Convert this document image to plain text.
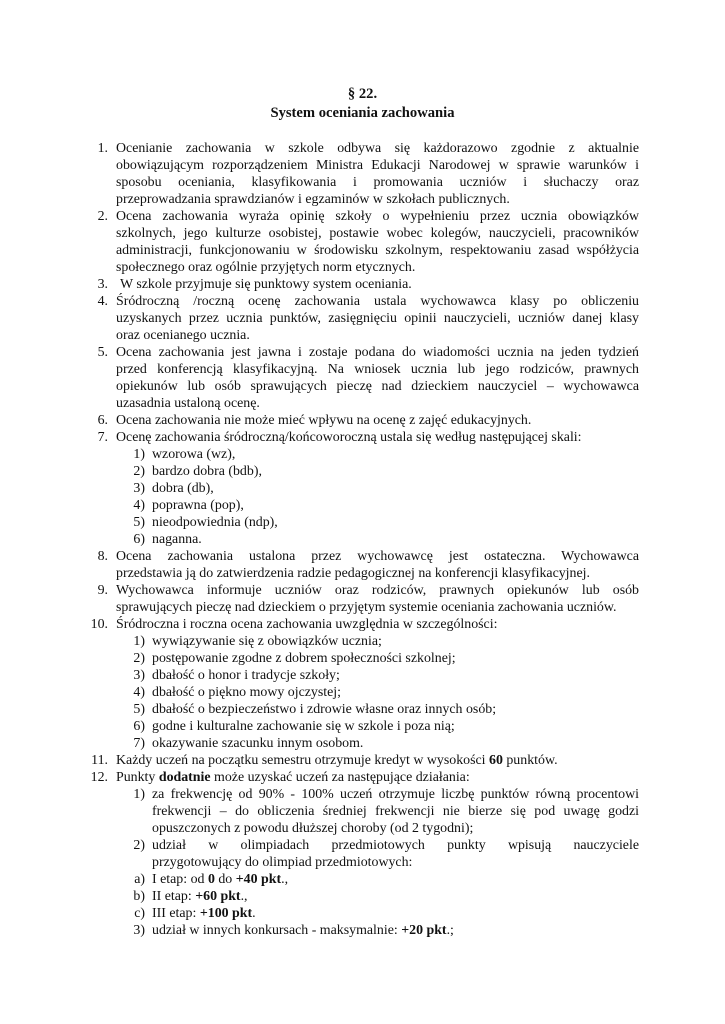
§ 22.
System oceniania zachowania
1. Ocenianie zachowania w szkole odbywa się każdorazowo zgodnie z aktualnie
obowiązującym rozporządzeniem Ministra Edukacji Narodowej w sprawie warunków i
sposobu oceniania, klasyfikowania i promowania uczniów i słuchaczy oraz
przeprowadzania sprawdzianów i egzaminów w szkołach publicznych.
2. Ocena zachowania wyraża opinię szkoły o wypełnieniu przez ucznia obowiązków
szkolnych, jego kulturze osobistej, postawie wobec kolegów, nauczycieli, pracowników
administracji, funkcjonowaniu w środowisku szkolnym, respektowaniu zasad współżycia
społecznego oraz ogólnie przyjętych norm etycznych.
3. W szkole przyjmuje się punktowy system oceniania.
4. Śródroczną /roczną ocenę zachowania ustala wychowawca klasy po obliczeniu
uzyskanych przez ucznia punktów, zasięgnięciu opinii nauczycieli, uczniów danej klasy
oraz ocenianego ucznia.
5. Ocena zachowania jest jawna i zostaje podana do wiadomości ucznia na jeden tydzień
przed konferencją klasyfikacyjną. Na wniosek ucznia lub jego rodziców, prawnych
opiekunów lub osób sprawujących pieczę nad dzieckiem nauczyciel – wychowawca
uzasadnia ustaloną ocenę.
6. Ocena zachowania nie może mieć wpływu na ocenę z zajęć edukacyjnych.
7. Ocenę zachowania śródroczną/końcoworoczną ustala się według następującej skali:
1) wzorowa (wz),
2) bardzo dobra (bdb),
3) dobra (db),
4) poprawna (pop),
5) nieodpowiednia (ndp),
6) naganna.
8. Ocena zachowania ustalona przez wychowawcę jest ostateczna. Wychowawca
przedstawia ją do zatwierdzenia radzie pedagogicznej na konferencji klasyfikacyjnej.
9. Wychowawca informuje uczniów oraz rodziców, prawnych opiekunów lub osób
sprawujących pieczę nad dzieckiem o przyjętym systemie oceniania zachowania uczniów.
10. Śródroczna i roczna ocena zachowania uwzględnia w szczególności:
1) wywiązywanie się z obowiązków ucznia;
2) postępowanie zgodne z dobrem społeczności szkolnej;
3) dbałość o honor i tradycje szkoły;
4) dbałość o piękno mowy ojczystej;
5) dbałość o bezpieczeństwo i zdrowie własne oraz innych osób;
6) godne i kulturalne zachowanie się w szkole i poza nią;
7) okazywanie szacunku innym osobom.
11. Każdy uczeń na początku semestru otrzymuje kredyt w wysokości 60 punktów.
12. Punkty dodatnie może uzyskać uczeń za następujące działania:
1) za frekwencję od 90% - 100% uczeń otrzymuje liczbę punktów równą procentowi
frekwencji – do obliczenia średniej frekwencji nie bierze się pod uwagę godzi
opuszczonych z powodu dłuższej choroby (od 2 tygodni);
2) udział w olimpiadach przedmiotowych punkty wpisują nauczyciele
przygotowujący do olimpiad przedmiotowych:
a) I etap: od 0 do +40 pkt.,
b) II etap: +60 pkt.,
c) III etap: +100 pkt.
3) udział w innych konkursach - maksymalnie: +20 pkt.;
